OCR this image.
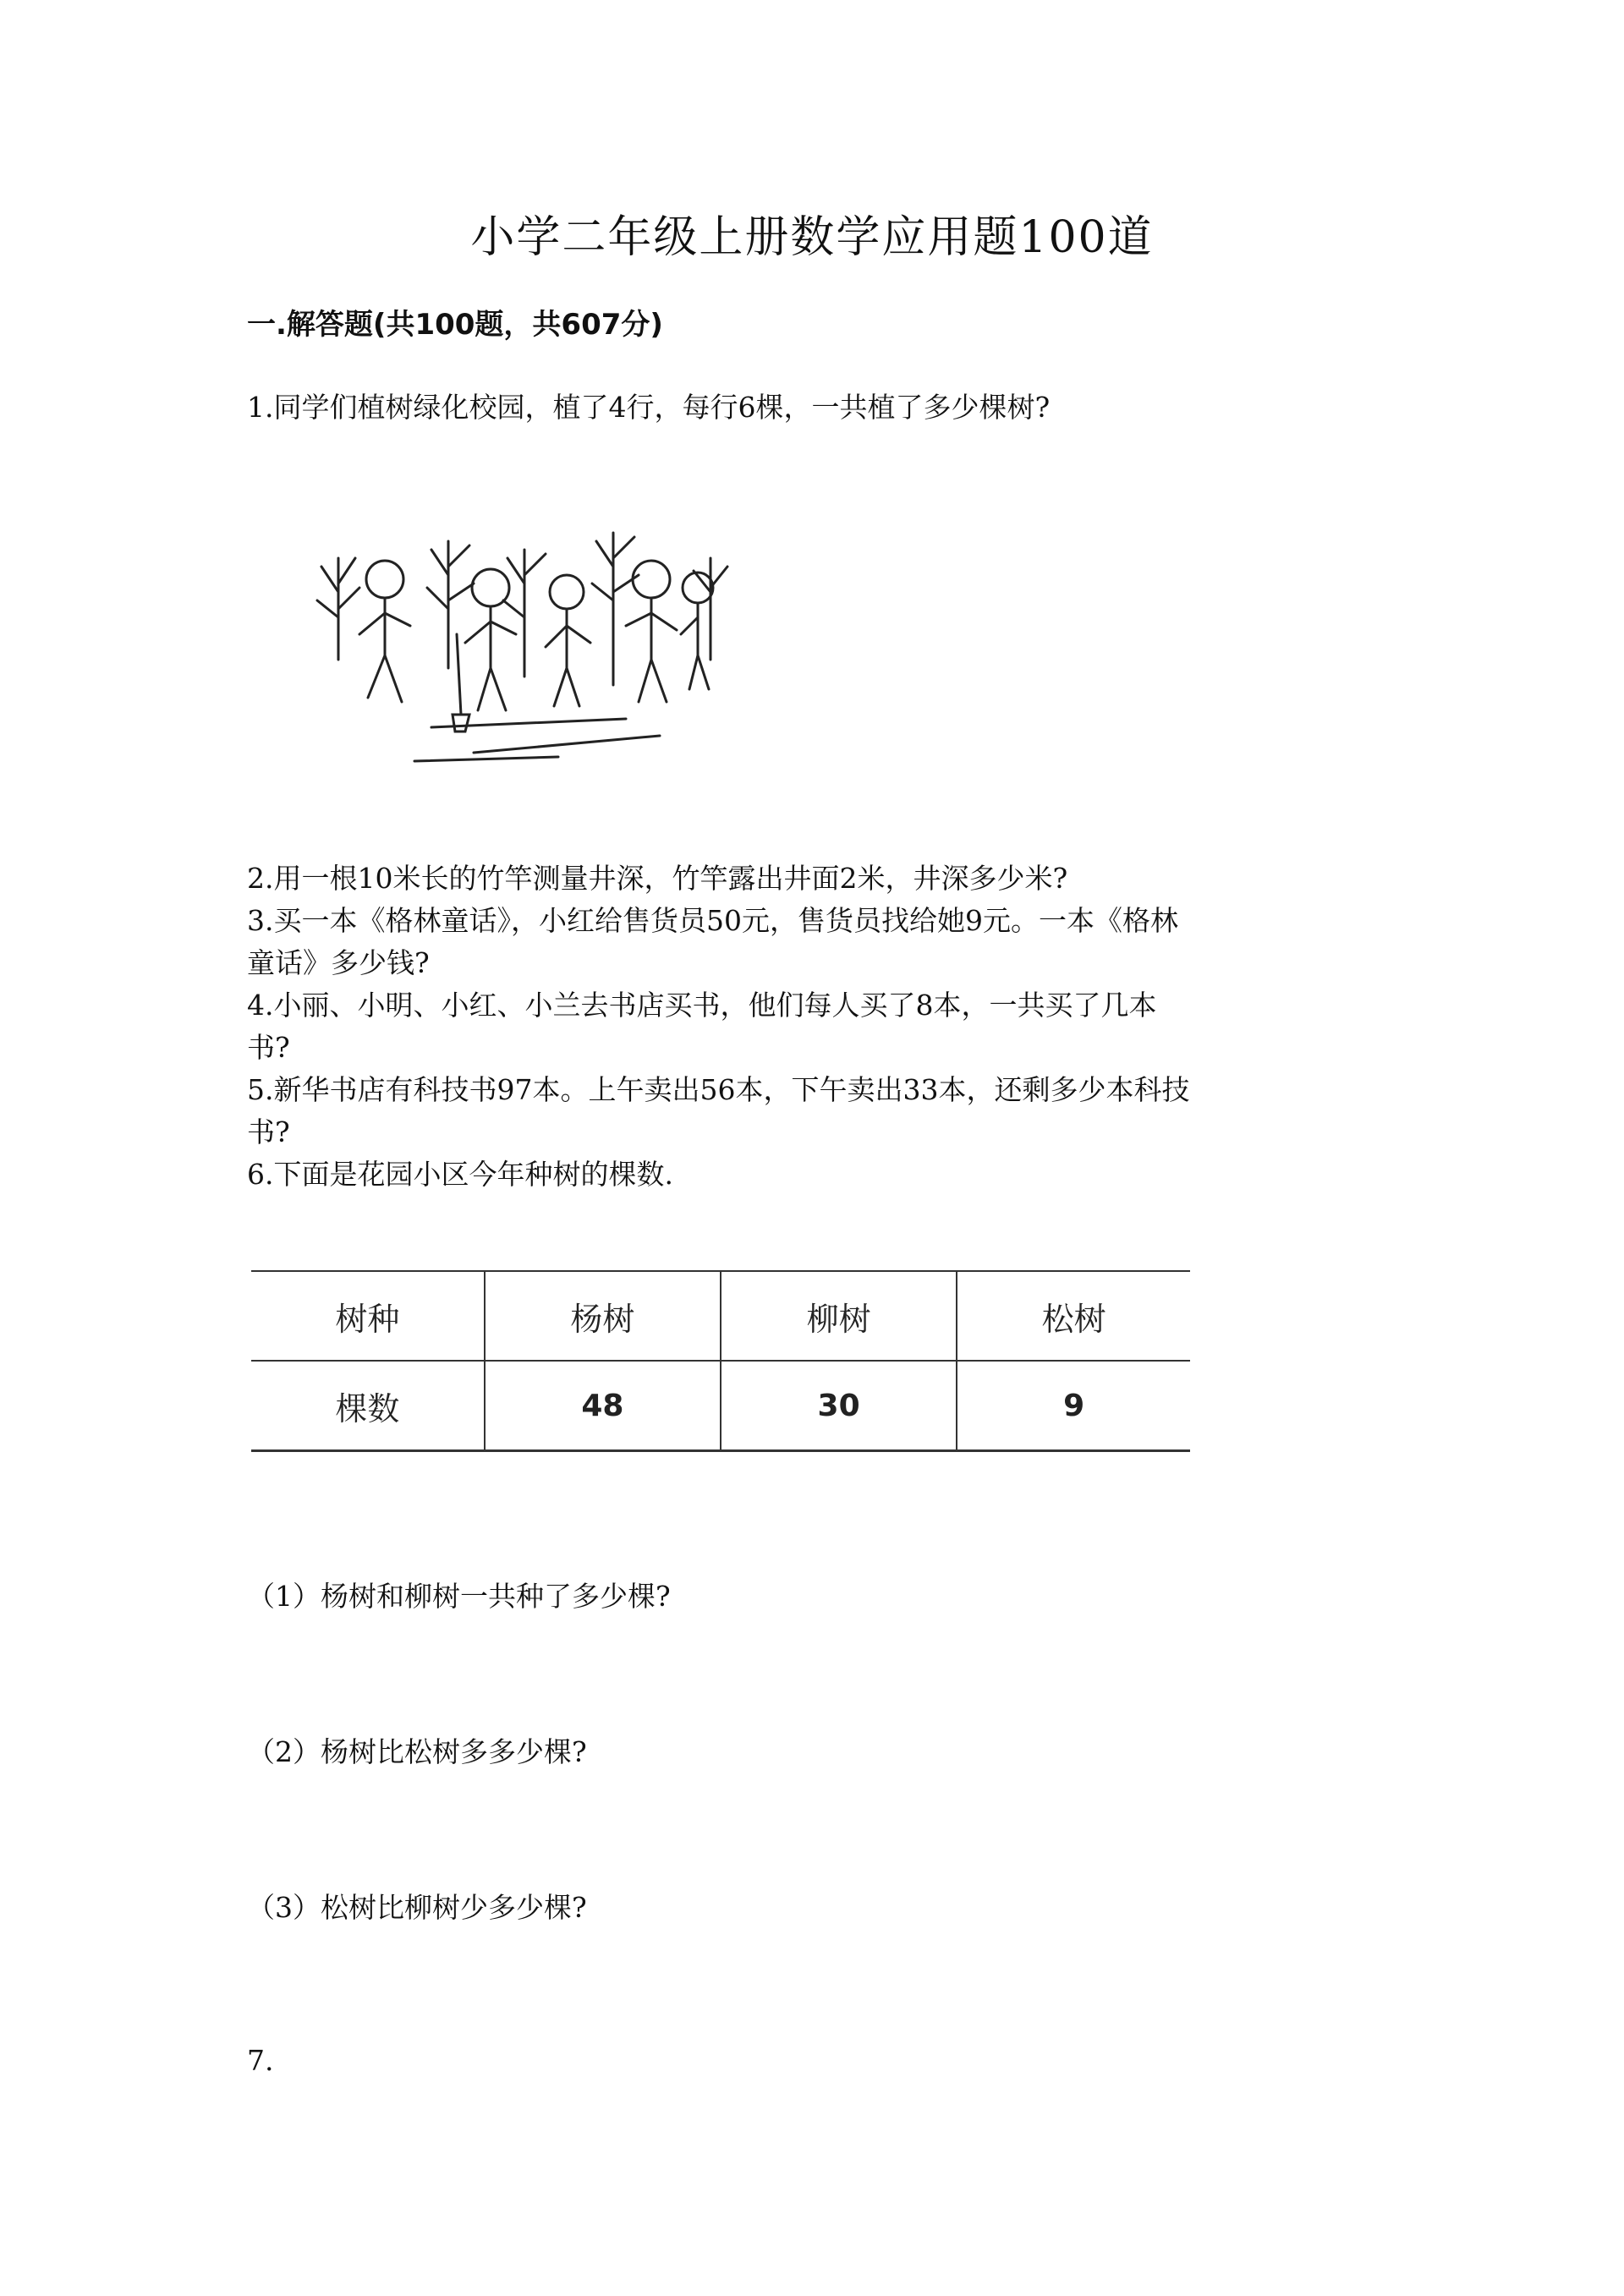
小学二年级上册数学应用题100道
一.解答题(共100题，共607分)
1.同学们植树绿化校园，植了4行，每行6棵，一共植了多少棵树?
2.用一根10米长的竹竿测量井深，竹竿露出井面2米，井深多少米?
3.买一本《格林童话》，小红给售货员50元，售货员找给她9元。一本《格林
童话》多少钱?
4.小丽、小明、小红、小兰去书店买书，他们每人买了8本，一共买了几本
书?
5.新华书店有科技书97本。上午卖出56本，下午卖出33本，还剩多少本科技
书?
6.下面是花园小区今年种树的棵数.
树种	杨树	柳树	松树
棵数	48	30	9
（1）杨树和柳树一共种了多少棵?
（2）杨树比松树多多少棵?
（3）松树比柳树少多少棵?
7.
